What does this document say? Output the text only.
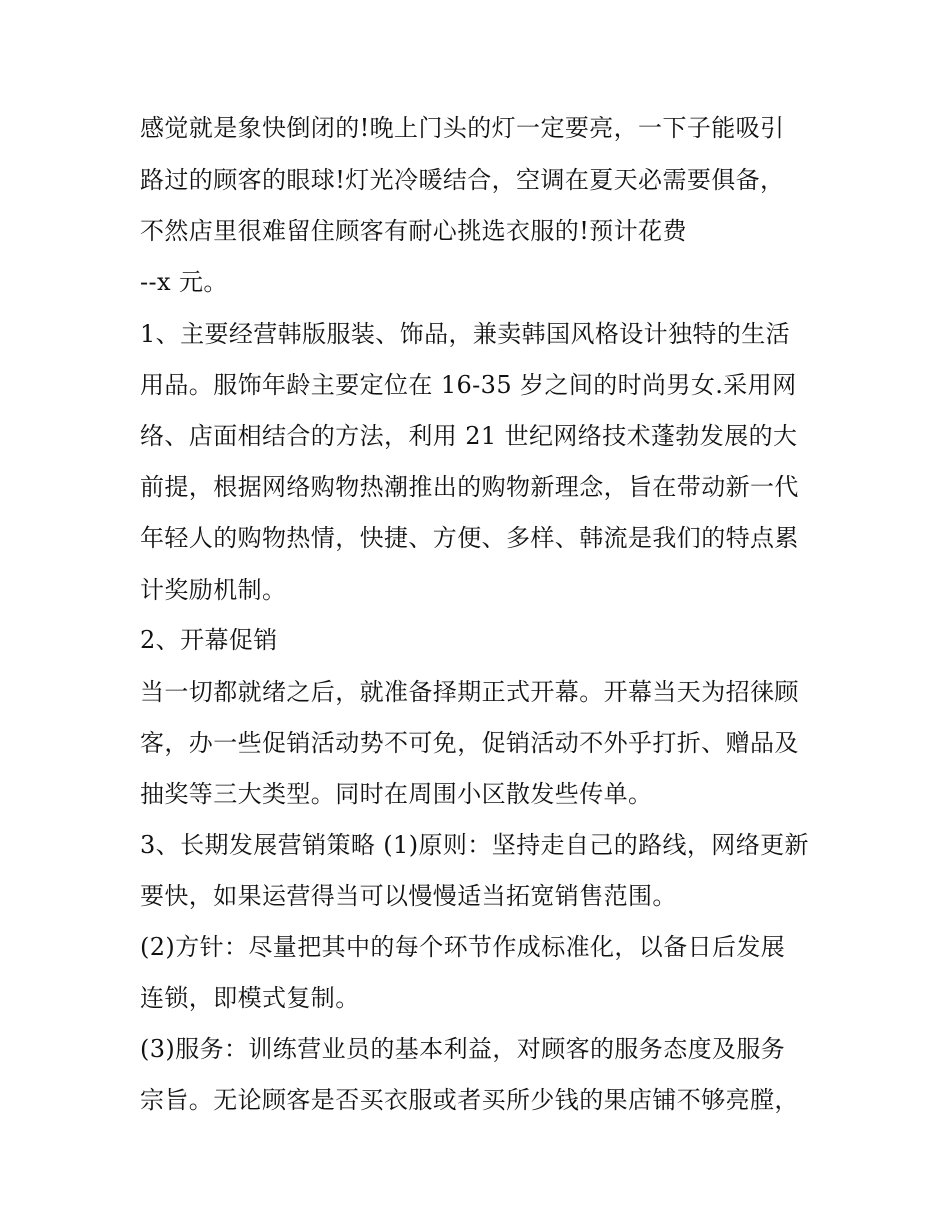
感觉就是象快倒闭的!晚上门头的灯一定要亮，一下子能吸引
路过的顾客的眼球!灯光冷暖结合，空调在夏天必需要俱备，
不然店里很难留住顾客有耐心挑选衣服的!预计花费
--x 元。
1、主要经营韩版服装、饰品，兼卖韩国风格设计独特的生活
用品。服饰年龄主要定位在 16-35 岁之间的时尚男女.采用网
络、店面相结合的方法，利用 21 世纪网络技术蓬勃发展的大
前提，根据网络购物热潮推出的购物新理念，旨在带动新一代
年轻人的购物热情，快捷、方便、多样、韩流是我们的特点累
计奖励机制。
2、开幕促销
当一切都就绪之后，就准备择期正式开幕。开幕当天为招徕顾
客，办一些促销活动势不可免，促销活动不外乎打折、赠品及
抽奖等三大类型。同时在周围小区散发些传单。
3、长期发展营销策略 (1)原则：坚持走自己的路线，网络更新
要快，如果运营得当可以慢慢适当拓宽销售范围。
(2)方针：尽量把其中的每个环节作成标准化，以备日后发展
连锁，即模式复制。
(3)服务：训练营业员的基本利益，对顾客的服务态度及服务
宗旨。无论顾客是否买衣服或者买所少钱的果店铺不够亮膛，
